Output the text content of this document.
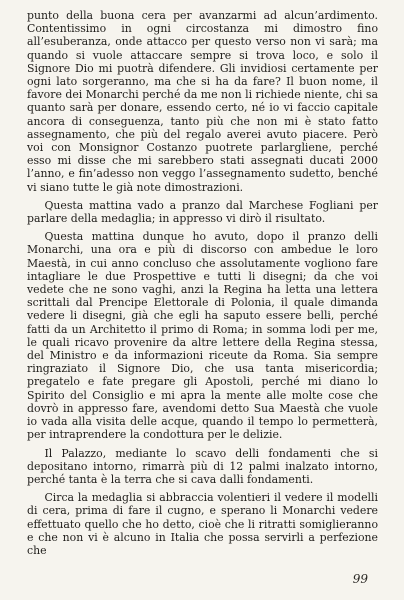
punto della buona cera per avanzarmi ad alcun’ardimento. Contentissimo in ogni circostanza mi dimostro fino all’esuberanza, onde attacco per questo verso non vi sarà; ma quando si vuole attaccare sempre si trova loco, e solo il Signore Dio mi puotrà difendere. Gli invidiosi certamente per ogni lato sorgeranno, ma che si ha da fare? Il buon nome, il favore dei Monarchi perché da me non li richiede niente, chi sa quanto sarà per donare, essendo certo, né io vi faccio capitale ancora di conseguenza, tanto più che non mi è stato fatto assegnamento, che più del regalo averei avuto piacere. Però voi con Monsignor Costanzo puotrete parlargliene, perché esso mi disse che mi sarebbero stati assegnati ducati 2000 l’anno, e fin’adesso non veggo l’assegnamento sudetto, benché vi siano tutte le già note dimostrazioni.

Questa mattina vado a pranzo dal Marchese Fogliani per parlare della medaglia; in appresso vi dirò il risultato.

Questa mattina dunque ho avuto, dopo il pranzo delli Monarchi, una ora e più di discorso con ambedue le loro Maestà, in cui anno concluso che assolutamente vogliono fare intagliare le due Prospettive e tutti li disegni; da che voi vedete che ne sono vaghi, anzi la Regina ha letta una lettera scrittali dal Prencipe Elettorale di Polonia, il quale dimanda vedere li disegni, già che egli ha saputo essere belli, perché fatti da un Architetto il primo di Roma; in somma lodi per me, le quali ricavo provenire da altre lettere della Regina stessa, del Ministro e da informazioni riceute da Roma. Sia sempre ringraziato il Signore Dio, che usa tanta misericordia; pregatelo e fate pregare gli Apostoli, perché mi diano lo Spirito del Consiglio e mi apra la mente alle molte cose che dovrò in appresso fare, avendomi detto Sua Maestà che vuole io vada alla visita delle acque, quando il tempo lo permetterà, per intraprendere la condottura per le delizie.

Il Palazzo, mediante lo scavo delli fondamenti che si depositano intorno, rimarrà più di 12 palmi inalzato intorno, perché tanta è la terra che si cava dalli fondamenti.

Circa la medaglia si abbraccia volentieri il vedere il modelli di cera, prima di fare il cugno, e sperano li Monarchi vedere effettuato quello che ho detto, cioè che li ritratti somiglieranno e che non vi è alcuno in Italia che possa servirli a perfezione che

99
